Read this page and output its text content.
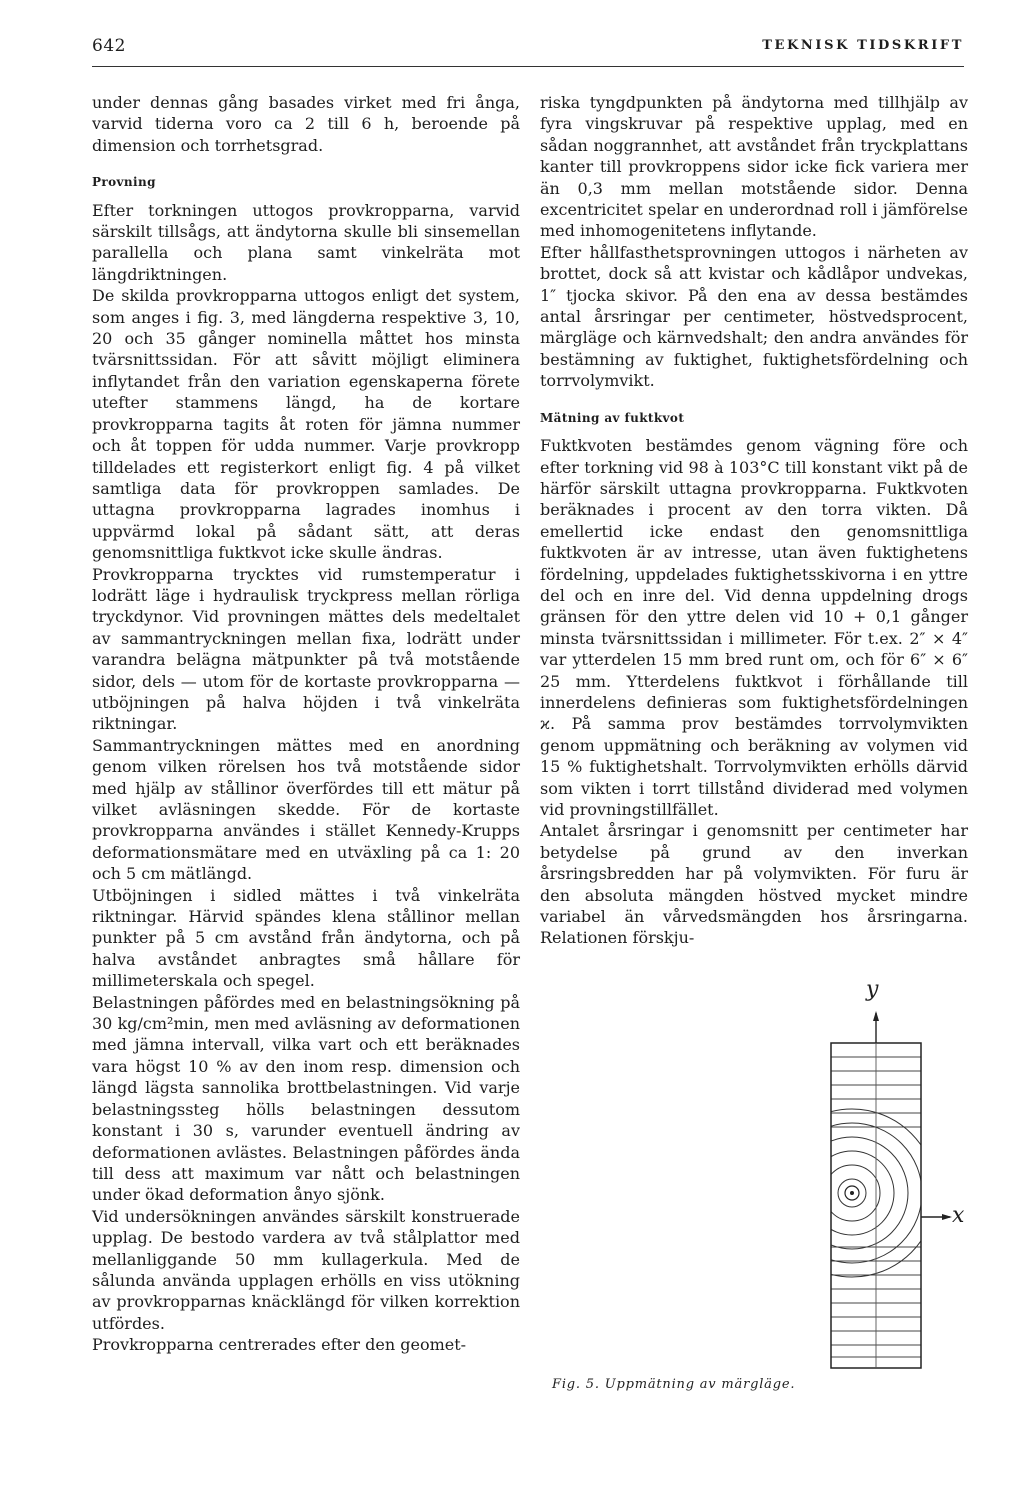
642	TEKNISK TIDSKRIFT

under dennas gång basades virket med fri ånga, varvid tiderna voro ca 2 till 6 h, beroende på dimension och torrhetsgrad.

Provning

Efter torkningen uttogos provkropparna, varvid särskilt tillsågs, att ändytorna skulle bli sinsemellan parallella och plana samt vinkelräta mot längdriktningen.

De skilda provkropparna uttogos enligt det system, som anges i fig. 3, med längderna respektive 3, 10, 20 och 35 gånger nominella måttet hos minsta tvärsnittssidan. För att såvitt möjligt eliminera inflytandet från den variation egenskaperna förete utefter stammens längd, ha de kortare provkropparna tagits åt roten för jämna nummer och åt toppen för udda nummer. Varje provkropp tilldelades ett registerkort enligt fig. 4 på vilket samtliga data för provkroppen samlades. De uttagna provkropparna lagrades inomhus i uppvärmd lokal på sådant sätt, att deras genomsnittliga fuktkvot icke skulle ändras.

Provkropparna trycktes vid rumstemperatur i lodrätt läge i hydraulisk tryckpress mellan rörliga tryckdynor. Vid provningen mättes dels medeltalet av sammantryckningen mellan fixa, lodrätt under varandra belägna mätpunkter på två motstående sidor, dels — utom för de kortaste provkropparna — utböjningen på halva höjden i två vinkelräta riktningar.

Sammantryckningen mättes med en anordning genom vilken rörelsen hos två motstående sidor med hjälp av stållinor överfördes till ett mätur på vilket avläsningen skedde. För de kortaste provkropparna användes i stället Kennedy-Krupps deformationsmätare med en utväxling på ca 1: 20 och 5 cm mätlängd.

Utböjningen i sidled mättes i två vinkelräta riktningar. Härvid spändes klena stållinor mellan punkter på 5 cm avstånd från ändytorna, och på halva avståndet anbragtes små hållare för millimeterskala och spegel.

Belastningen påfördes med en belastningsökning på 30 kg/cm²min, men med avläsning av deformationen med jämna intervall, vilka vart och ett beräknades vara högst 10 % av den inom resp. dimension och längd lägsta sannolika brottbelastningen. Vid varje belastningssteg hölls belastningen dessutom konstant i 30 s, varunder eventuell ändring av deformationen avlästes. Belastningen påfördes ända till dess att maximum var nått och belastningen under ökad deformation ånyo sjönk.

Vid undersökningen användes särskilt konstruerade upplag. De bestodo vardera av två stålplattor med mellanliggande 50 mm kullagerkula. Med de sålunda använda upplagen erhölls en viss utökning av provkropparnas knäcklängd för vilken korrektion utfördes.

Provkropparna centrerades efter den geomet-

riska tyngdpunkten på ändytorna med tillhjälp av fyra vingskruvar på respektive upplag, med en sådan noggrannhet, att avståndet från tryckplattans kanter till provkroppens sidor icke fick variera mer än 0,3 mm mellan motstående sidor. Denna excentricitet spelar en underordnad roll i jämförelse med inhomogenitetens inflytande.

Efter hållfasthetsprovningen uttogos i närheten av brottet, dock så att kvistar och kådlåpor undvekas, 1″ tjocka skivor. På den ena av dessa bestämdes antal årsringar per centimeter, höstvedsprocent, märgläge och kärnvedshalt; den andra användes för bestämning av fuktighet, fuktighetsfördelning och torrvolymvikt.

Mätning av fuktkvot

Fuktkvoten bestämdes genom vägning före och efter torkning vid 98 à 103°C till konstant vikt på de härför särskilt uttagna provkropparna. Fuktkvoten beräknades i procent av den torra vikten. Då emellertid icke endast den genomsnittliga fuktkvoten är av intresse, utan även fuktighetens fördelning, uppdelades fuktighetsskivorna i en yttre del och en inre del. Vid denna uppdelning drogs gränsen för den yttre delen vid 10 + 0,1 gånger minsta tvärsnittssidan i millimeter. För t.ex. 2″ × 4″ var ytterdelen 15 mm bred runt om, och för 6″ × 6″ 25 mm. Ytterdelens fuktkvot i förhållande till innerdelens definieras som fuktighetsfördelningen ϰ. På samma prov bestämdes torrvolymvikten genom uppmätning och beräkning av volymen vid 15 % fuktighetshalt. Torrvolymvikten erhölls därvid som vikten i torrt tillstånd dividerad med volymen vid provningstillfället.

Antalet årsringar i genomsnitt per centimeter har betydelse på grund av den inverkan årsringsbredden har på volymvikten. För furu är den absoluta mängden höstved mycket mindre variabel än vårvedsmängden hos årsringarna. Relationen förskju-

y
x
Fig. 5. Uppmätning av märgläge.
